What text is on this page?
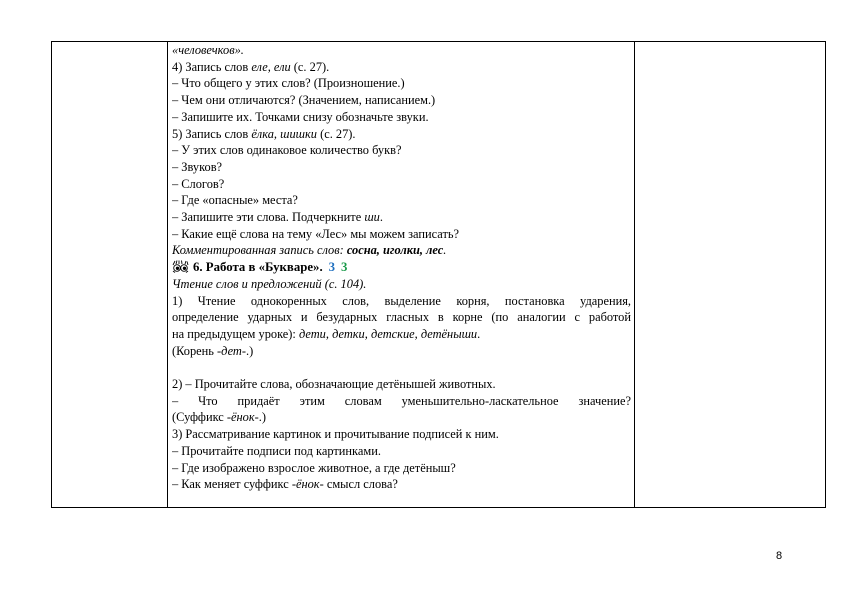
«человечков».
4) Запись слов еле, ели (с. 27).
– Что общего у этих слов? (Произношение.)
– Чем они отличаются? (Значением, написанием.)
– Запишите их. Точками снизу обозначьте звуки.
5) Запись слов ёлка, шишки (с. 27).
– У этих слов одинаковое количество букв?
– Звуков?
– Слогов?
– Где «опасные» места?
– Запишите эти слова. Подчеркните ши.
– Какие ещё слова на тему «Лес» мы можем записать?
Комментированная запись слов: сосна, иголки, лес.
6. Работа в «Букваре». 3 3
Чтение слов и предложений (с. 104).
1) Чтение однокоренных слов, выделение корня, постановка ударения,
определение ударных и безударных гласных в корне (по аналогии с работой
на предыдущем уроке): дети, детки, детские, детёныши.
(Корень -дет-.)
2) – Прочитайте слова, обозначающие детёнышей животных.
– Что придаёт этим словам уменьшительно-ласкательное значение?
(Суффикс -ёнок-.)
3) Рассматривание картинок и прочитывание подписей к ним.
– Прочитайте подписи под картинками.
– Где изображено взрослое животное, а где детёныш?
– Как меняет суффикс -ёнок- смысл слова?

8
